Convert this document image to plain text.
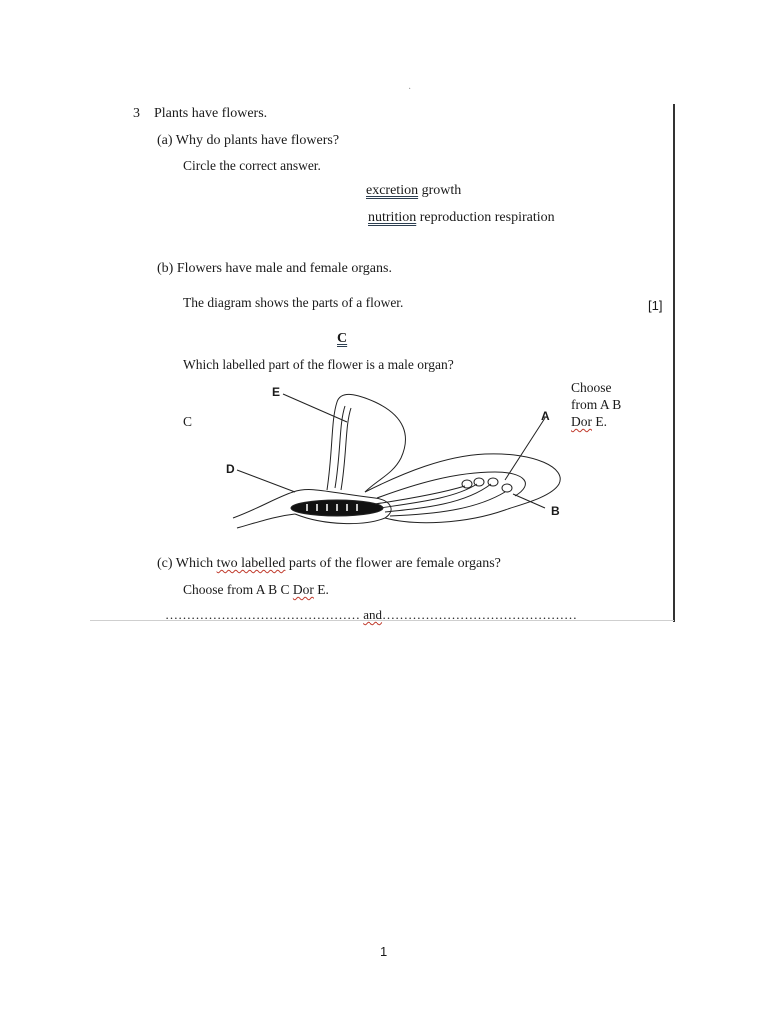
·
3 Plants have flowers.
(a) Why do plants have flowers?
Circle the correct answer.
excretion growth
nutrition reproduction respiration
(b) Flowers have male and female organs.
The diagram shows the parts of a flower.	[1]
C
Which labelled part of the flower is a male organ?
Choose
from A B
Dor E.
C
E
A
D
B
(c) Which two labelled parts of the flower are female organs?
Choose from A B C Dor E.
……………………………………… and………………………………………
1
